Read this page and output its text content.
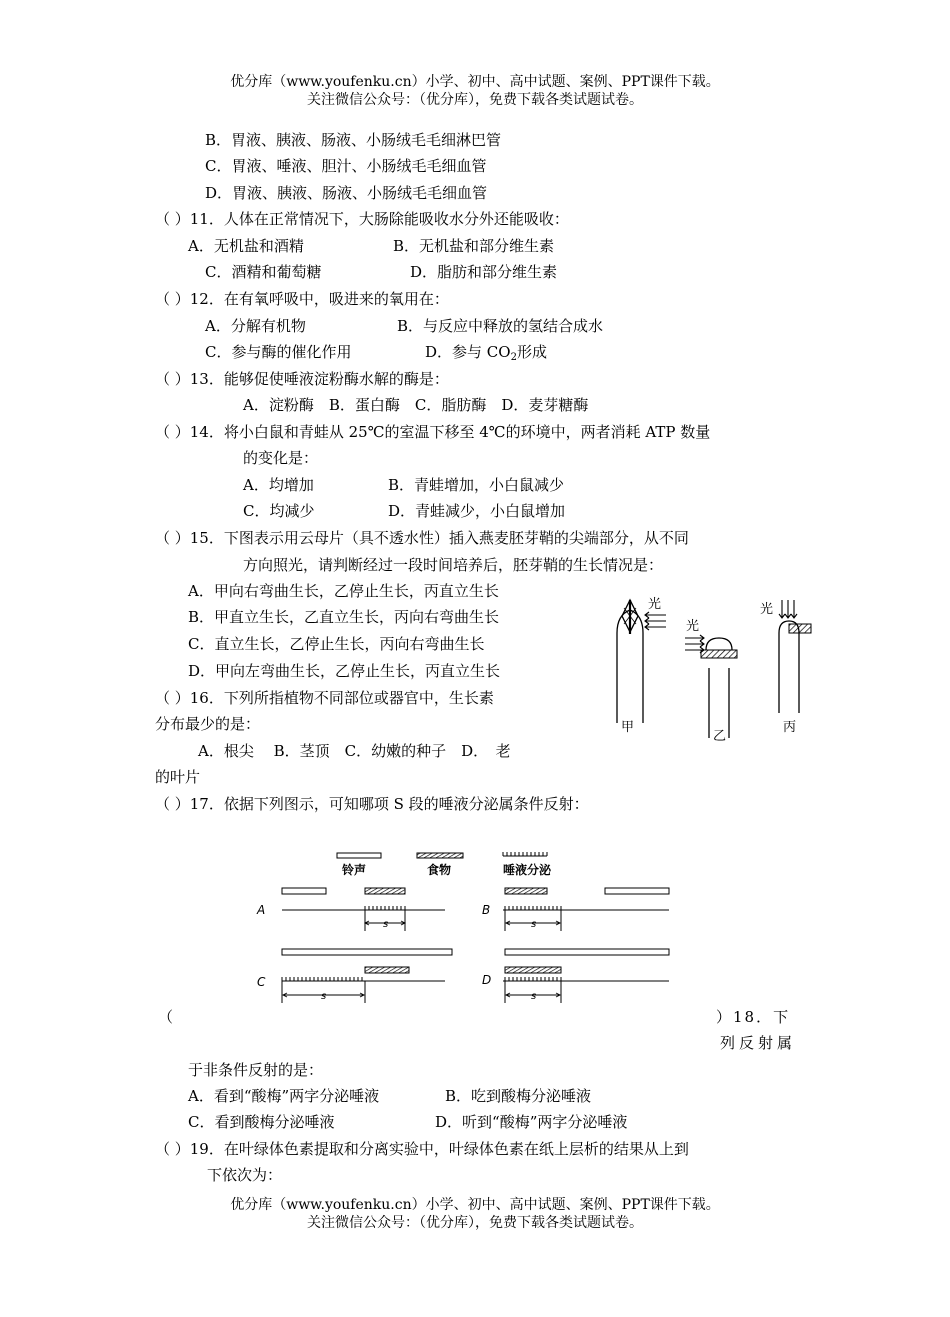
优分库（www.youfenku.cn）小学、初中、高中试题、案例、PPT课件下载。
关注微信公众号：（优分库），免费下载各类试题试卷。
B．胃液、胰液、肠液、小肠绒毛毛细淋巴管
C．胃液、唾液、胆汁、小肠绒毛毛细血管
D．胃液、胰液、肠液、小肠绒毛毛细血管
（ ）11．人体在正常情况下，大肠除能吸收水分外还能吸收：
A．无机盐和酒精	B．无机盐和部分维生素
C．酒精和葡萄糖	D．脂肪和部分维生素
（ ）12．在有氧呼吸中，吸进来的氧用在：
A．分解有机物	B．与反应中释放的氢结合成水
C．参与酶的催化作用	D．参与 $CO_2$形成
（ ）13．能够促使唾液淀粉酶水解的酶是：
A．淀粉酶　B．蛋白酶　C．脂肪酶　D．麦芽糖酶
（ ）14．将小白鼠和青蛙从 25℃的室温下移至 4℃的环境中，两者消耗 ATP 数量
的变化是：
A．均增加	B．青蛙增加，小白鼠减少
C．均减少	D．青蛙减少，小白鼠增加
（ ）15．下图表示用云母片（具不透水性）插入燕麦胚芽鞘的尖端部分，从不同
方向照光，请判断经过一段时间培养后，胚芽鞘的生长情况是：
A．甲向右弯曲生长，乙停止生长，丙直立生长
B．甲直立生长，乙直立生长，丙向右弯曲生长
C．直立生长，乙停止生长，丙向右弯曲生长
D．甲向左弯曲生长，乙停止生长，丙直立生长
光
光
光
甲
乙
丙
（ ）16．下列所指植物不同部位或器官中，生长素
分布最少的是：
A．根尖　 B．茎顶　C．幼嫩的种子　D．　老
的叶片
（ ）17．依据下列图示，可知哪项 S 段的唾液分泌属条件反射：
铃声	食物	唾液分泌
A	B
C	D
s	s
s	s
（	）18．下
列反射属
于非条件反射的是：
A．看到“酸梅”两字分泌唾液	B．吃到酸梅分泌唾液
C．看到酸梅分泌唾液	D．听到“酸梅”两字分泌唾液
（ ）19．在叶绿体色素提取和分离实验中，叶绿体色素在纸上层析的结果从上到
下依次为：
优分库（www.youfenku.cn）小学、初中、高中试题、案例、PPT课件下载。
关注微信公众号：（优分库），免费下载各类试题试卷。
